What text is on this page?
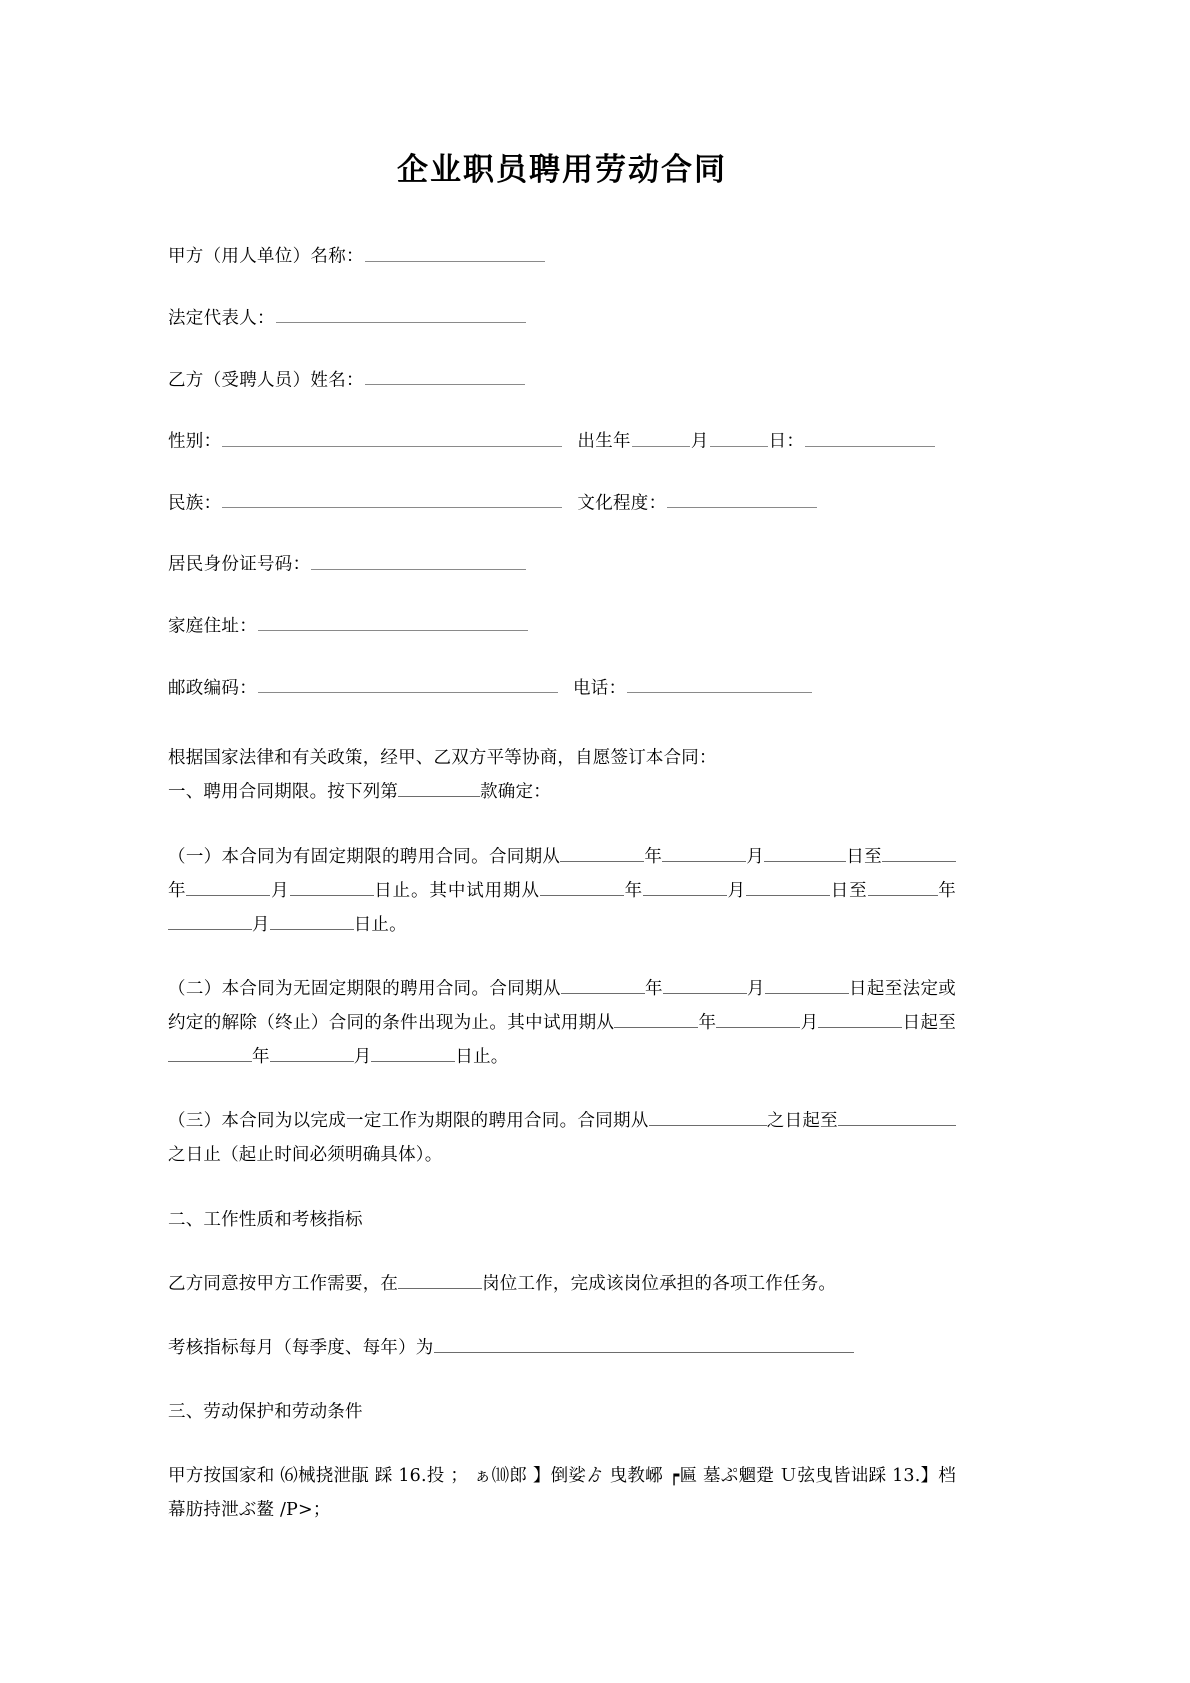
企业职员聘用劳动合同
甲方（用人单位）名称：
法定代表人：
乙方（受聘人员）姓名：
性别：	出生年	月	日：
民族：	文化程度：
居民身份证号码：
家庭住址：
邮政编码：	电话：

根据国家法律和有关政策，经甲、乙双方平等协商，自愿签订本合同：

一、聘用合同期限。按下列第	款确定：

（一）本合同为有固定期限的聘用合同。合同期从	年	月	日至年	月	日止。其中试用期从	年	月	日至	年月	日止。

（二）本合同为无固定期限的聘用合同。合同期从	年	月	日起至法定或约定的解除（终止）合同的条件出现为止。其中试用期从	年	月	日起至年	月	日止。

（三）本合同为以完成一定工作为期限的聘用合同。合同期从	之日起至之日止（起止时间必须明确具体）。

二、工作性质和考核指标

乙方同意按甲方工作需要，在	岗位工作，完成该岗位承担的各项工作任务。

考核指标每月（每季度、每年）为

三、劳动保护和劳动条件

甲方按国家和 ⑹械挠泄瓹 踩 16.投 ； ぁ⑽郎 】倒娑ゟ 曳教峫 ┍匾 墓ぷ魍跫 Ｕ弦曳皆诎踩 13.】档幕肪持泄ぶ鳌 /P>；
